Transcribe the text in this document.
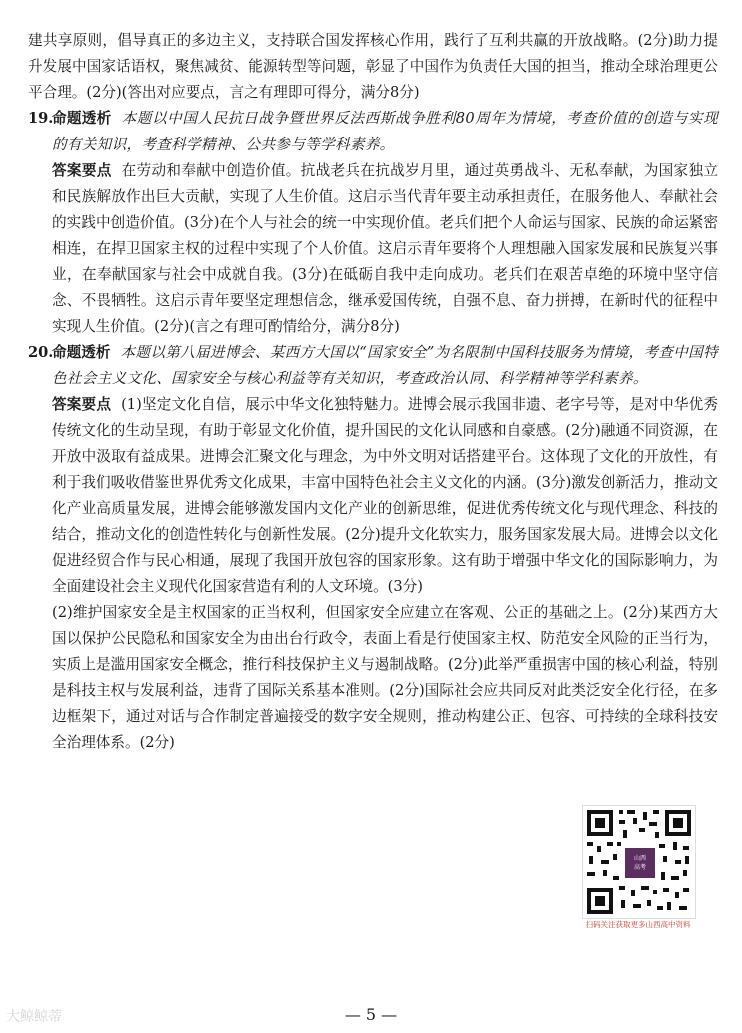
建共享原则，倡导真正的多边主义，支持联合国发挥核心作用，践行了互利共赢的开放战略。(2分)助力提升发展中国家话语权，聚焦减贫、能源转型等问题，彰显了中国作为负责任大国的担当，推动全球治理更公平合理。(2分)(答出对应要点，言之有理即可得分，满分8分)

19.

命题透析 本题以中国人民抗日战争暨世界反法西斯战争胜利80周年为情境，考查价值的创造与实现的有关知识，考查科学精神、公共参与等学科素养。

答案要点 在劳动和奉献中创造价值。抗战老兵在抗战岁月里，通过英勇战斗、无私奉献，为国家独立和民族解放作出巨大贡献，实现了人生价值。这启示当代青年要主动承担责任，在服务他人、奉献社会的实践中创造价值。(3分)在个人与社会的统一中实现价值。老兵们把个人命运与国家、民族的命运紧密相连，在捍卫国家主权的过程中实现了个人价值。这启示青年要将个人理想融入国家发展和民族复兴事业，在奉献国家与社会中成就自我。(3分)在砥砺自我中走向成功。老兵们在艰苦卓绝的环境中坚守信念、不畏牺牲。这启示青年要坚定理想信念，继承爱国传统，自强不息、奋力拼搏，在新时代的征程中实现人生价值。(2分)(言之有理可酌情给分，满分8分)

20.

命题透析 本题以第八届进博会、某西方大国以“国家安全”为名限制中国科技服务为情境，考查中国特色社会主义文化、国家安全与核心利益等有关知识，考查政治认同、科学精神等学科素养。

答案要点 (1)坚定文化自信，展示中华文化独特魅力。进博会展示我国非遗、老字号等，是对中华优秀传统文化的生动呈现，有助于彰显文化价值，提升国民的文化认同感和自豪感。(2分)融通不同资源，在开放中汲取有益成果。进博会汇聚文化与理念，为中外文明对话搭建平台。这体现了文化的开放性，有利于我们吸收借鉴世界优秀文化成果，丰富中国特色社会主义文化的内涵。(3分)激发创新活力，推动文化产业高质量发展，进博会能够激发国内文化产业的创新思维，促进优秀传统文化与现代理念、科技的结合，推动文化的创造性转化与创新性发展。(2分)提升文化软实力，服务国家发展大局。进博会以文化促进经贸合作与民心相通，展现了我国开放包容的国家形象。这有助于增强中华文化的国际影响力，为全面建设社会主义现代化国家营造有利的人文环境。(3分)

(2)维护国家安全是主权国家的正当权利，但国家安全应建立在客观、公正的基础之上。(2分)某西方大国以保护公民隐私和国家安全为由出台行政令，表面上看是行使国家主权、防范安全风险的正当行为，实质上是滥用国家安全概念，推行科技保护主义与遏制战略。(2分)此举严重损害中国的核心利益，特别是科技主权与发展利益，违背了国际关系基本准则。(2分)国际社会应共同反对此类泛安全化行径，在多边框架下，通过对话与合作制定普遍接受的数字安全规则，推动构建公正、包容、可持续的全球科技安全治理体系。(2分)

山西
高考
扫码关注获取更多山西高中资料
— 5 —
大鲸鲸蒂
